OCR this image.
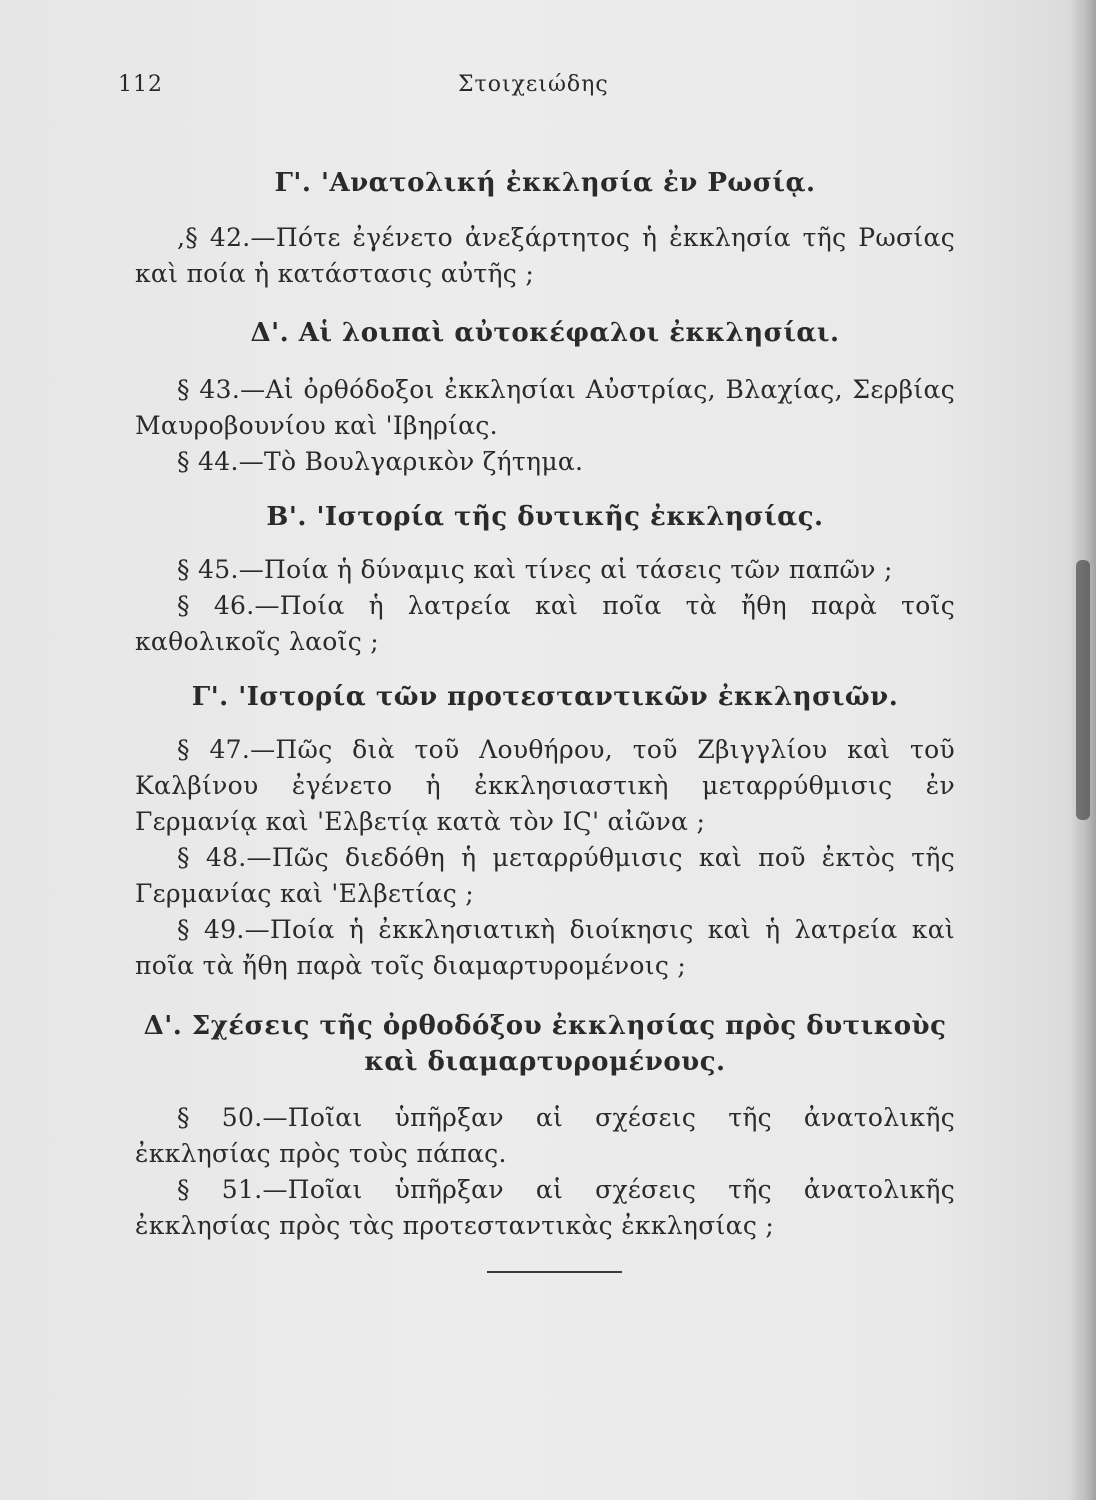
112	Στοιχειώδης

Γ'. 'Ανατολική ἐκκλησία ἐν Ρωσίᾳ.

,§ 42.—Πότε ἐγένετο ἀνεξάρτητος ἡ ἐκκλησία τῆς Ρωσίας καὶ ποία ἡ κατάστασις αὐτῆς ;

Δ'. Αἱ λοιπαὶ αὐτοκέφαλοι ἐκκλησίαι.

§ 43.—Αἱ ὀρθόδοξοι ἐκκλησίαι Αὐστρίας, Βλαχίας, Σερβίας Μαυροβουνίου καὶ 'Ιβηρίας.

§ 44.—Τὸ Βουλγαρικὸν ζήτημα.

Β'. 'Ιστορία τῆς δυτικῆς ἐκκλησίας.

§ 45.—Ποία ἡ δύναμις καὶ τίνες αἱ τάσεις τῶν παπῶν ;

§ 46.—Ποία ἡ λατρεία καὶ ποῖα τὰ ἤθη παρὰ τοῖς καθολικοῖς λαοῖς ;

Γ'. 'Ιστορία τῶν προτεσταντικῶν ἐκκλησιῶν.

§ 47.—Πῶς διὰ τοῦ Λουθήρου, τοῦ Ζβιγγλίου καὶ τοῦ Καλβίνου ἐγένετο ἡ ἐκκλησιαστικὴ μεταρρύθμισις ἐν Γερμανίᾳ καὶ 'Ελβετίᾳ κατὰ τὸν ΙϚ' αἰῶνα ;

§ 48.—Πῶς διεδόθη ἡ μεταρρύθμισις καὶ ποῦ ἐκτὸς τῆς Γερμανίας καὶ 'Ελβετίας ;

§ 49.—Ποία ἡ ἐκκλησιατικὴ διοίκησις καὶ ἡ λατρεία καὶ ποῖα τὰ ἤθη παρὰ τοῖς διαμαρτυρομένοις ;

Δ'. Σχέσεις τῆς ὀρθοδόξου ἐκκλησίας πρὸς δυτικοὺς καὶ διαμαρτυρομένους.

§ 50.—Ποῖαι ὑπῆρξαν αἱ σχέσεις τῆς ἀνατολικῆς ἐκκλησίας πρὸς τοὺς πάπας.

§ 51.—Ποῖαι ὑπῆρξαν αἱ σχέσεις τῆς ἀνατολικῆς ἐκκλησίας πρὸς τὰς προτεσταντικὰς ἐκκλησίας ;
